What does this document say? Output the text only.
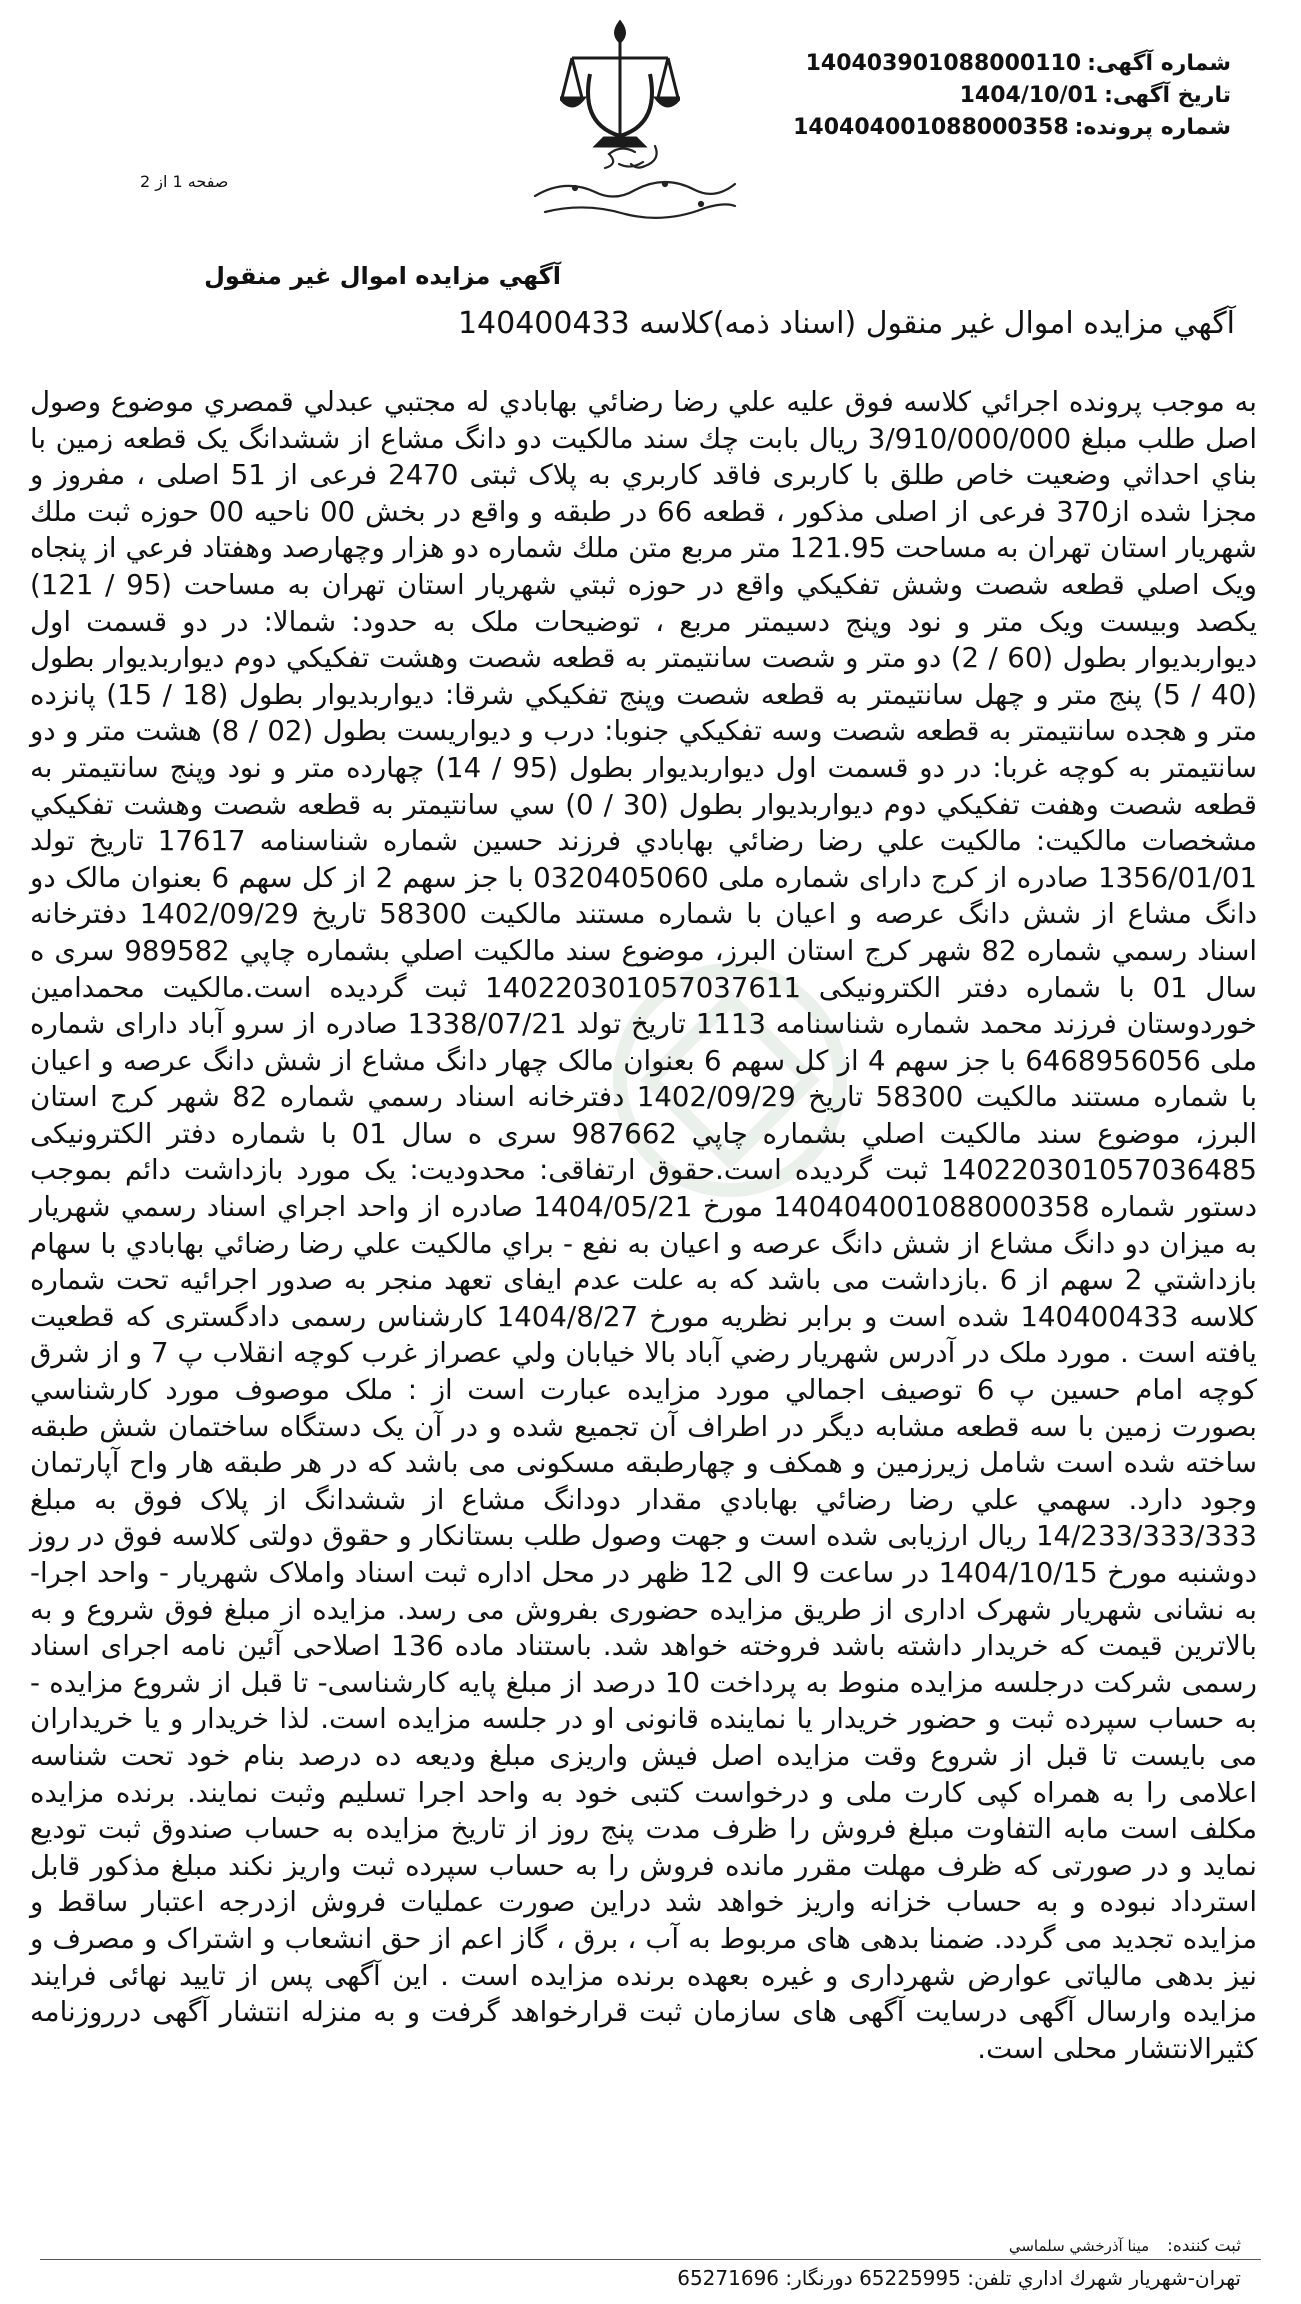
شماره آگهی:140403901088000110
تاریخ آگهی:1404/10/01
شماره پرونده:140404001088000358
صفحه 1 از 2
آگهي مزايده اموال غير منقول
آگهي مزايده اموال غير منقول (اسناد ذمه)كلاسه 140400433
به موجب پرونده اجرائي كلاسه فوق عليه علي رضا رضائي بهابادي له مجتبي عبدلي قمصري موضوع وصول اصل طلب مبلغ 3/910/000/000 ريال بابت چك سند مالكيت دو دانگ مشاع از ششدانگ يک قطعه زمين با بناي احداثي وضعيت خاص طلق با کاربری فاقد کاربري به پلاک ثبتی 2470 فرعی از 51 اصلی ، مفروز و مجزا شده از370 فرعی از اصلی مذکور ، قطعه 66 در طبقه و واقع در بخش 00 ناحيه 00 حوزه ثبت ملك شهريار استان تهران به مساحت 121.95 متر مربع متن ملك شماره دو هزار وچهارصد وهفتاد فرعي از پنجاه ويک اصلي قطعه شصت وشش تفکيکي واقع در حوزه ثبتي شهريار استان تهران به مساحت (95 / 121) يکصد وبيست ويک متر و نود وپنج دسيمتر مربع ، توضيحات ملک به حدود: شمالا: در دو قسمت اول ديواربديوار بطول (60 / 2) دو متر و شصت سانتيمتر به قطعه شصت وهشت تفکيکي دوم ديواربديوار بطول (40 / 5) پنج متر و چهل سانتيمتر به قطعه شصت وپنج تفکيکي شرقا: ديواربديوار بطول (18 / 15) پانزده متر و هجده سانتيمتر به قطعه شصت وسه تفکيکي جنوبا: درب و ديواريست بطول (02 / 8) هشت متر و دو سانتيمتر به کوچه غربا: در دو قسمت اول ديواربديوار بطول (95 / 14) چهارده متر و نود وپنج سانتيمتر به قطعه شصت وهفت تفکيکي دوم ديواربديوار بطول (30 / 0) سي سانتيمتر به قطعه شصت وهشت تفکيکي مشخصات مالكيت: مالکيت علي رضا رضائي بهابادي فرزند حسين شماره شناسنامه 17617 تاريخ تولد 1356/01/01 صادره از كرج دارای شماره ملی 0320405060 با جز سهم 2 از كل سهم 6 بعنوان مالک دو دانگ مشاع از شش دانگ عرصه و اعيان با شماره مستند مالکيت 58300 تاريخ 1402/09/29 دفترخانه اسناد رسمي شماره 82 شهر کرج استان البرز، موضوع سند مالکيت اصلي بشماره چاپي 989582 سری ه سال 01 با شماره دفتر الکترونيکی 140220301057037611 ثبت گرديده است.مالکيت محمدامين خوردوستان فرزند محمد شماره شناسنامه 1113 تاريخ تولد 1338/07/21 صادره از سرو آباد دارای شماره ملی 6468956056 با جز سهم 4 از کل سهم 6 بعنوان مالک چهار دانگ مشاع از شش دانگ عرصه و اعيان با شماره مستند مالکيت 58300 تاريخ 1402/09/29 دفترخانه اسناد رسمي شماره 82 شهر کرج استان البرز، موضوع سند مالکيت اصلي بشماره چاپي 987662 سری ه سال 01 با شماره دفتر الکترونيکی 140220301057036485 ثبت گرديده است.حقوق ارتفاقی: محدوديت: يک مورد بازداشت دائم بموجب دستور شماره 140404001088000358 مورخ 1404/05/21 صادره از واحد اجراي اسناد رسمي شهريار به ميزان دو دانگ مشاع از شش دانگ عرصه و اعيان به نفع - براي مالکيت علي رضا رضائي بهابادي با سهام بازداشتي 2 سهم از 6 .بازداشت می باشد که به علت عدم ايفای تعهد منجر به صدور اجرائيه تحت شماره كلاسه 140400433 شده است و برابر نظريه مورخ 1404/8/27 کارشناس رسمی دادگستری که قطعيت يافته است . مورد ملک در آدرس شهريار رضي آباد بالا خيابان ولي عصراز غرب کوچه انقلاب پ 7 و از شرق کوچه امام حسين پ 6 توصيف اجمالي مورد مزايده عبارت است از : ملک موصوف مورد کارشناسي بصورت زمين با سه قطعه مشابه ديگر در اطراف آن تجميع شده و در آن يک دستگاه ساختمان شش طبقه ساخته شده است شامل زيرزمين و همکف و چهارطبقه مسکونی می باشد که در هر طبقه هار واح آپارتمان وجود دارد. سهمي علي رضا رضائي بهابادي مقدار دودانگ مشاع از ششدانگ از پلاک فوق به مبلغ 14/233/333/333 ريال ارزيابی شده است و جهت وصول طلب بستانكار و حقوق دولتی كلاسه فوق در روز دوشنبه مورخ 1404/10/15 در ساعت 9 الی 12 ظهر در محل اداره ثبت اسناد واملاک شهريار - واحد اجرا- به نشانی شهريار شهرک اداری از طريق مزايده حضوری بفروش می رسد. مزايده از مبلغ فوق شروع و به بالاترين قيمت كه خريدار داشته باشد فروخته خواهد شد. باستناد ماده 136 اصلاحی آئين نامه اجرای اسناد رسمی شركت درجلسه مزايده منوط به پرداخت 10 درصد از مبلغ پايه كارشناسی- تا قبل از شروع مزايده - به حساب سپرده ثبت و حضور خريدار يا نماينده قانونی او در جلسه مزايده است. لذا خريدار و يا خريداران می بايست تا قبل از شروع وقت مزايده اصل فيش واريزی مبلغ وديعه ده درصد بنام خود تحت شناسه اعلامی را به همراه كپی كارت ملی و درخواست كتبی خود به واحد اجرا تسليم وثبت نمايند. برنده مزايده مكلف است مابه التفاوت مبلغ فروش را ظرف مدت پنج روز از تاريخ مزايده به حساب صندوق ثبت توديع نمايد و در صورتی كه ظرف مهلت مقرر مانده فروش را به حساب سپرده ثبت واريز نكند مبلغ مذكور قابل استرداد نبوده و به حساب خزانه واريز خواهد شد دراين صورت عمليات فروش ازدرجه اعتبار ساقط و مزايده تجديد می گردد. ضمنا بدهی های مربوط به آب ، برق ، گاز اعم از حق انشعاب و اشتراک و مصرف و نيز بدهی مالياتی عوارض شهرداری و غيره بعهده برنده مزايده است . اين آگهی پس از تاييد نهائی فرايند مزايده وارسال آگهی درسايت آگهی های سازمان ثبت قرارخواهد گرفت و به منزله انتشار آگهی درروزنامه كثيرالانتشار محلی است.
ثبت كننده:مينا آذرخشي سلماسي
تهران-شهريار شهرك اداري تلفن: 65225995 دورنگار: 65271696
